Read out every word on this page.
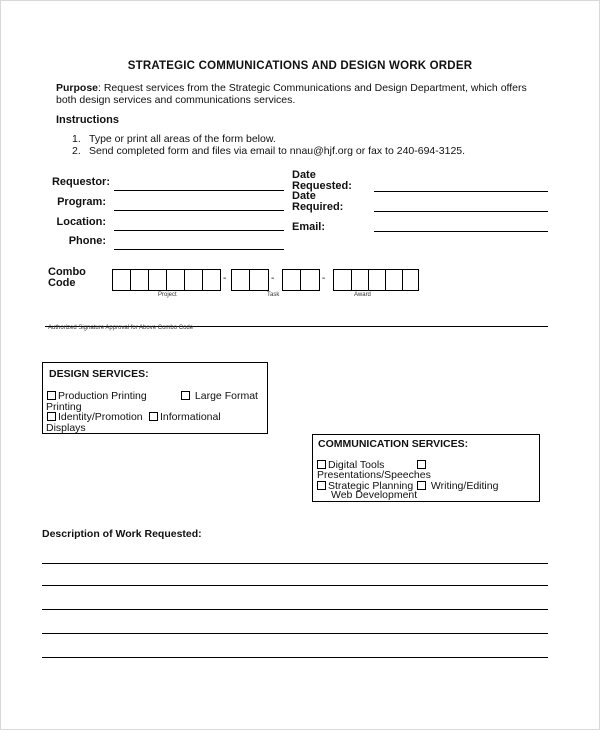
STRATEGIC COMMUNICATIONS AND DESIGN WORK ORDER
Purpose: Request services from the Strategic Communications and Design Department, which offers
both design services and communications services.
Instructions
1. Type or print all areas of the form below.
2. Send completed form and files via email to nnau@hjf.org or fax to 240-694-3125.
Requestor:
Program:
Location:
Phone:
Date
Requested:
Date
Required:
Email:
Combo
Code	-	-	-
Project	Task	Award
Authorized Signature Approval for Above Combo Code
DESIGN SERVICES:
Production Printing
Printing
Large Format
Identity/Promotion	Informational
Displays
COMMUNICATION SERVICES:
Digital Tools
Presentations/Speeches
Strategic Planning	Writing/Editing
Web Development
Description of Work Requested:
